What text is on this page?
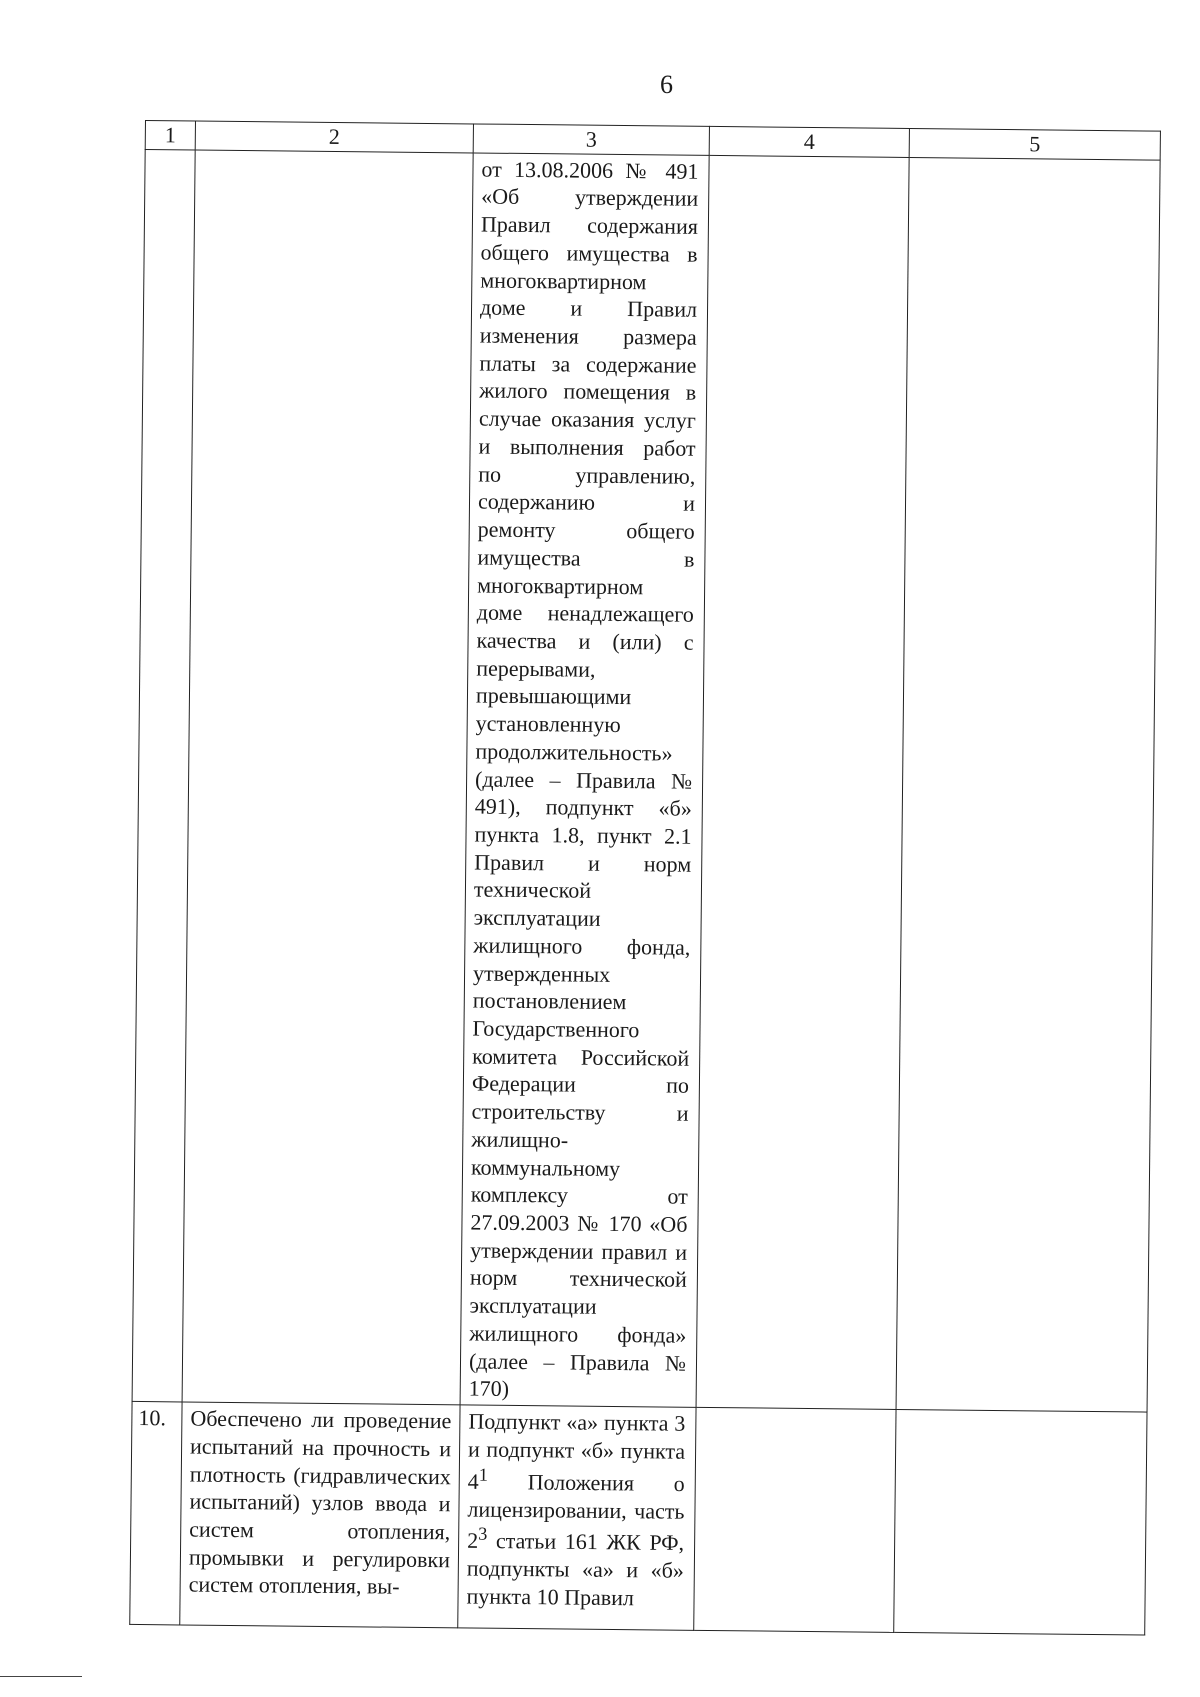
6
1	2	3	4	5

		от 13.08.2006 № 491 «Об утверждении Правил содержания общего имущества в многоквартирном доме и Правил изменения размера платы за содержание жилого помещения в случае оказания услуг и выполнения работ по управлению, содержанию и ремонту общего имущества в многоквартирном доме ненадлежащего качества и (или) с перерывами, превышающими установленную продолжительность» (далее – Правила № 491), подпункт «б» пункта 1.8, пункт 2.1 Правил и норм технической эксплуатации жилищного фонда, утвержденных постановлением Государственного комитета Российской Федерации по строительству и жилищно-коммунальному комплексу от 27.09.2003 № 170 «Об утверждении правил и норм технической эксплуатации жилищного фонда» (далее – Правила № 170)		

10.	Обеспечено ли проведение испытаний на прочность и плотность (гидравлических испытаний) узлов ввода и систем отопления, промывки и регулировки систем отопления, вы-	Подпункт «а» пункта 3 и подпункт «б» пункта $4^1$ Положения о лицензировании, часть $2^3$ статьи 161 ЖК РФ, подпункты «а» и «б» пункта 10 Правил		
